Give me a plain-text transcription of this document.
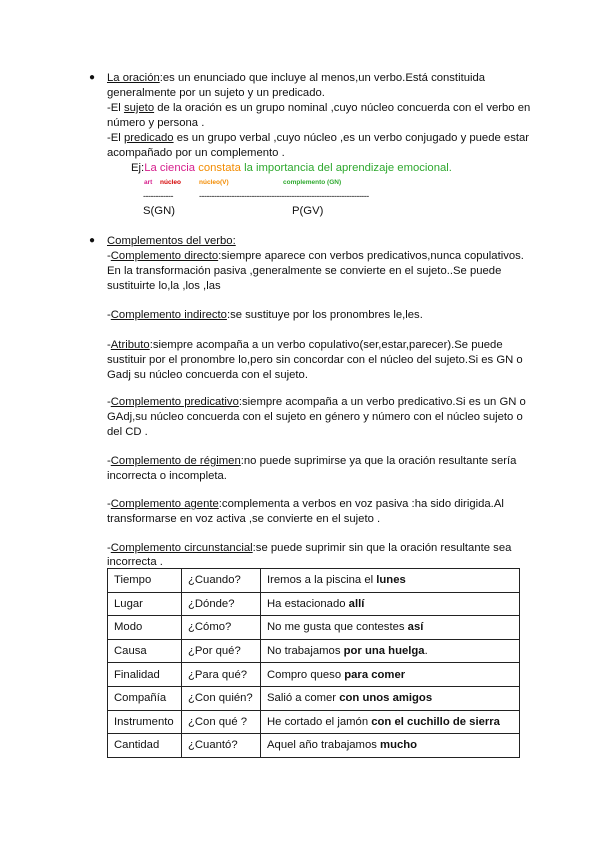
● La oración:es un enunciado que incluye al menos,un verbo.Está constituida
generalmente por un sujeto y un predicado.
-El sujeto de la oración es un grupo nominal ,cuyo núcleo concuerda con el verbo en
número y persona .
-El predicado es un grupo verbal ,cuyo núcleo ,es un verbo conjugado y puede estar
acompañado por un complemento .
Ej:La ciencia constata la importancia del aprendizaje emocional.
art núcleo	núcleo(V)	complemento (GN)
------------	--------------------------------------------------------------------
S(GN)	P(GV)
● Complementos del verbo:
-Complemento directo:siempre aparece con verbos predicativos,nunca copulativos.
En la transformación pasiva ,generalmente se convierte en el sujeto..Se puede
sustituirte lo,la ,los ,las
-Complemento indirecto:se sustituye por los pronombres le,les.
-Atributo:siempre acompaña a un verbo copulativo(ser,estar,parecer).Se puede
sustituir por el pronombre lo,pero sin concordar con el núcleo del sujeto.Si es GN o
Gadj su núcleo concuerda con el sujeto.
-Complemento predicativo:siempre acompaña a un verbo predicativo.Si es un GN o
GAdj,su núcleo concuerda con el sujeto en género y número con el núcleo sujeto o
del CD .
-Complemento de régimen:no puede suprimirse ya que la oración resultante sería
incorrecta o incompleta.
-Complemento agente:complementa a verbos en voz pasiva :ha sido dirigida.Al
transformarse en voz activa ,se convierte en el sujeto .
-Complemento circunstancial:se puede suprimir sin que la oración resultante sea
incorrecta .
Tiempo	¿Cuando?	Iremos a la piscina el lunes
Lugar	¿Dónde?	Ha estacionado allí
Modo	¿Cómo?	No me gusta que contestes así
Causa	¿Por qué?	No trabajamos por una huelga.
Finalidad	¿Para qué?	Compro queso para comer
Compañía	¿Con quién?	Salió a comer con unos amigos
Instrumento	¿Con qué ?	He cortado el jamón con el cuchillo de sierra
Cantidad	¿Cuantó?	Aquel año trabajamos mucho
